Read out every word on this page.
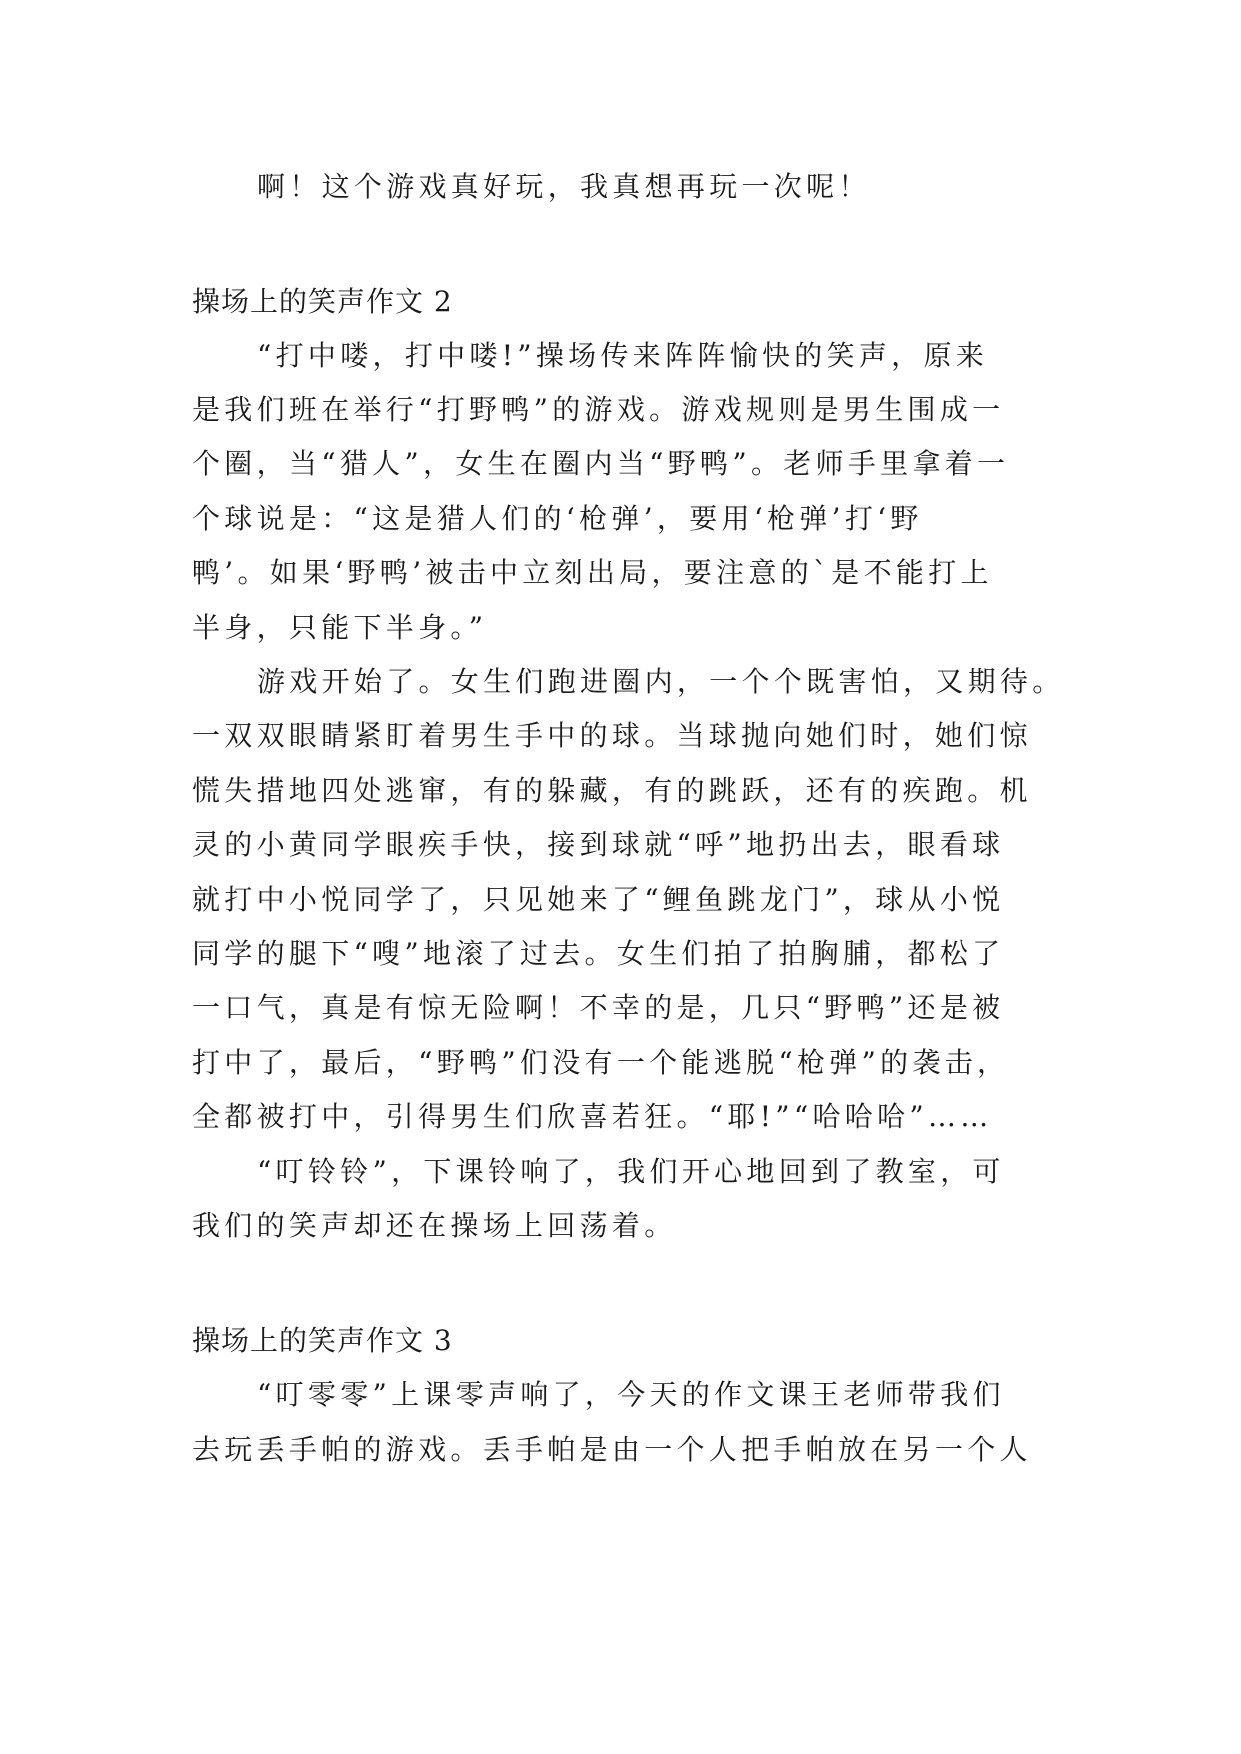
啊！这个游戏真好玩，我真想再玩一次呢！
操场上的笑声作文 2
“打中喽，打中喽!”操场传来阵阵愉快的笑声，原来
是我们班在举行“打野鸭”的游戏。游戏规则是男生围成一
个圈，当“猎人”，女生在圈内当“野鸭”。老师手里拿着一
个球说是：“这是猎人们的‘枪弹’，要用‘枪弹’打‘野
鸭’。如果‘野鸭’被击中立刻出局，要注意的`是不能打上
半身，只能下半身。”
游戏开始了。女生们跑进圈内，一个个既害怕，又期待。
一双双眼睛紧盯着男生手中的球。当球抛向她们时，她们惊
慌失措地四处逃窜，有的躲藏，有的跳跃，还有的疾跑。机
灵的小黄同学眼疾手快，接到球就“呼”地扔出去，眼看球
就打中小悦同学了，只见她来了“鲤鱼跳龙门”，球从小悦
同学的腿下“嗖”地滚了过去。女生们拍了拍胸脯，都松了
一口气，真是有惊无险啊！不幸的是，几只“野鸭”还是被
打中了，最后，“野鸭”们没有一个能逃脱“枪弹”的袭击，
全都被打中，引得男生们欣喜若狂。“耶!”“哈哈哈”……
“叮铃铃”，下课铃响了，我们开心地回到了教室，可
我们的笑声却还在操场上回荡着。
操场上的笑声作文 3
“叮零零”上课零声响了，今天的作文课王老师带我们
去玩丢手帕的游戏。丢手帕是由一个人把手帕放在另一个人
